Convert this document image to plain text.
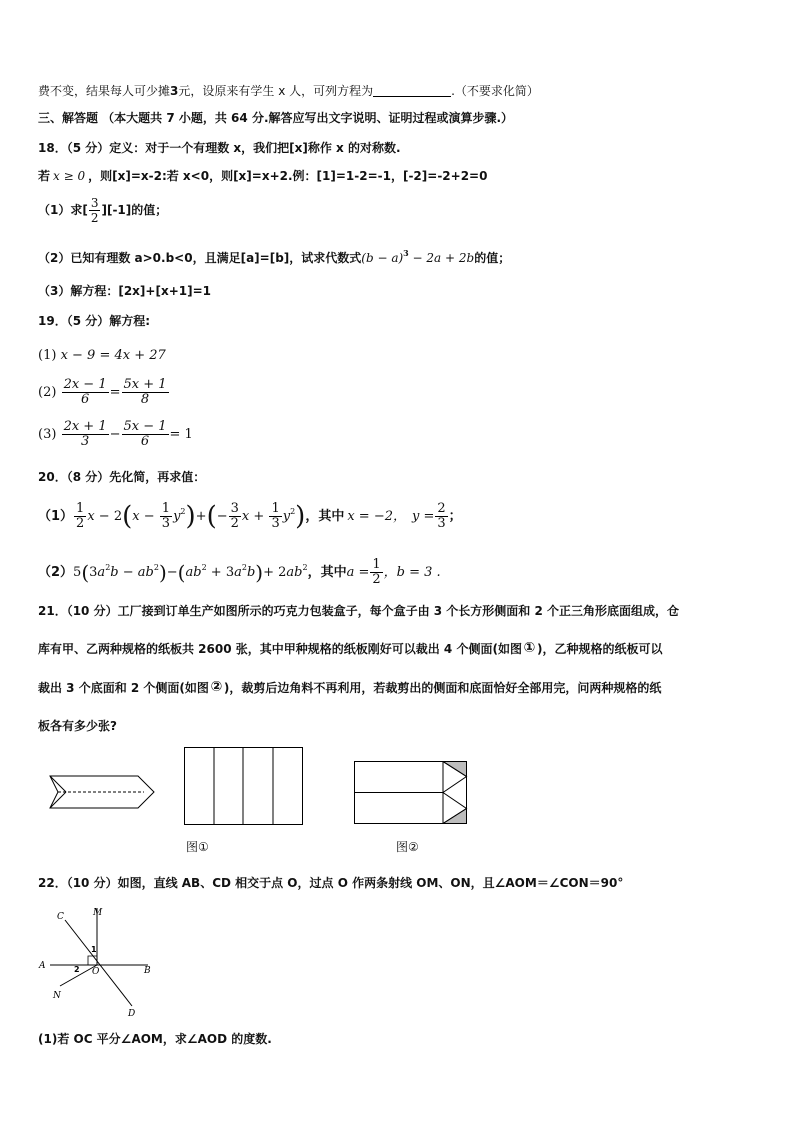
费不变，结果每人可少摊3元，设原来有学生 x 人，可列方程为	.（不要求化简）
三、解答题 （本大题共 7 小题，共 64 分.解答应写出文字说明、证明过程或演算步骤.）
18．（5 分）定义：对于一个有理数 x，我们把[x]称作 x 的对称数.
若 x ≥ 0 ，则[x]=x-2:若 x<0，则[x]=x+2.例：[1]=1-2=-1，[-2]=-2+2=0
（1）求[ $\frac{3}{2} ][-1]$的值；
（2）已知有理数 a>0.b<0，且满足[a]=[b]，试求代数式$(b - a)^3 - 2a + 2b$的值；
（3）解方程：[2x]+[x+1]=1
19．（5 分）解方程:
(1) x − 9 = 4x + 27
$(2) \frac{2x - 1}{6} = \frac{5x + 1}{8}$
$(3) \frac{2x + 1}{3} - \frac{5x - 1}{6} = 1$
20．（8 分）先化简，再求值：
$(1) \frac{1}{2}$ $x - 2(x - \frac{1}{3} y^2)+(- \frac{3}{2}$ $x + \frac{1}{3} y^2$)，其中 x = −2， $y = \frac{2}{3}$ ；
$(2)5(3a^2b - ab^2)-(ab^2 + 3a^2b)+ 2ab^2$，其中$a = \frac{1}{2}$ ，b = 3 .
21．（10 分）工厂接到订单生产如图所示的巧克力包装盒子，每个盒子由 3 个长方形侧面和 2 个正三角形底面组成，仓
库有甲、乙两种规格的纸板共 2600 张，其中甲种规格的纸板刚好可以裁出 4 个侧面(如图 ① )，乙种规格的纸板可以
裁出 3 个底面和 2 个侧面(如图 ② )，裁剪后边角料不再利用，若裁剪出的侧面和底面恰好全部用完，问两种规格的纸
板各有多少张?
图①	图②
22．（10 分）如图，直线 AB、CD 相交于点 O，过点 O 作两条射线 OM、ON，且∠AOM＝∠CON＝90°
C	M
A	B
N
D
O
1
2
(1)若 OC 平分∠AOM，求∠AOD 的度数.
